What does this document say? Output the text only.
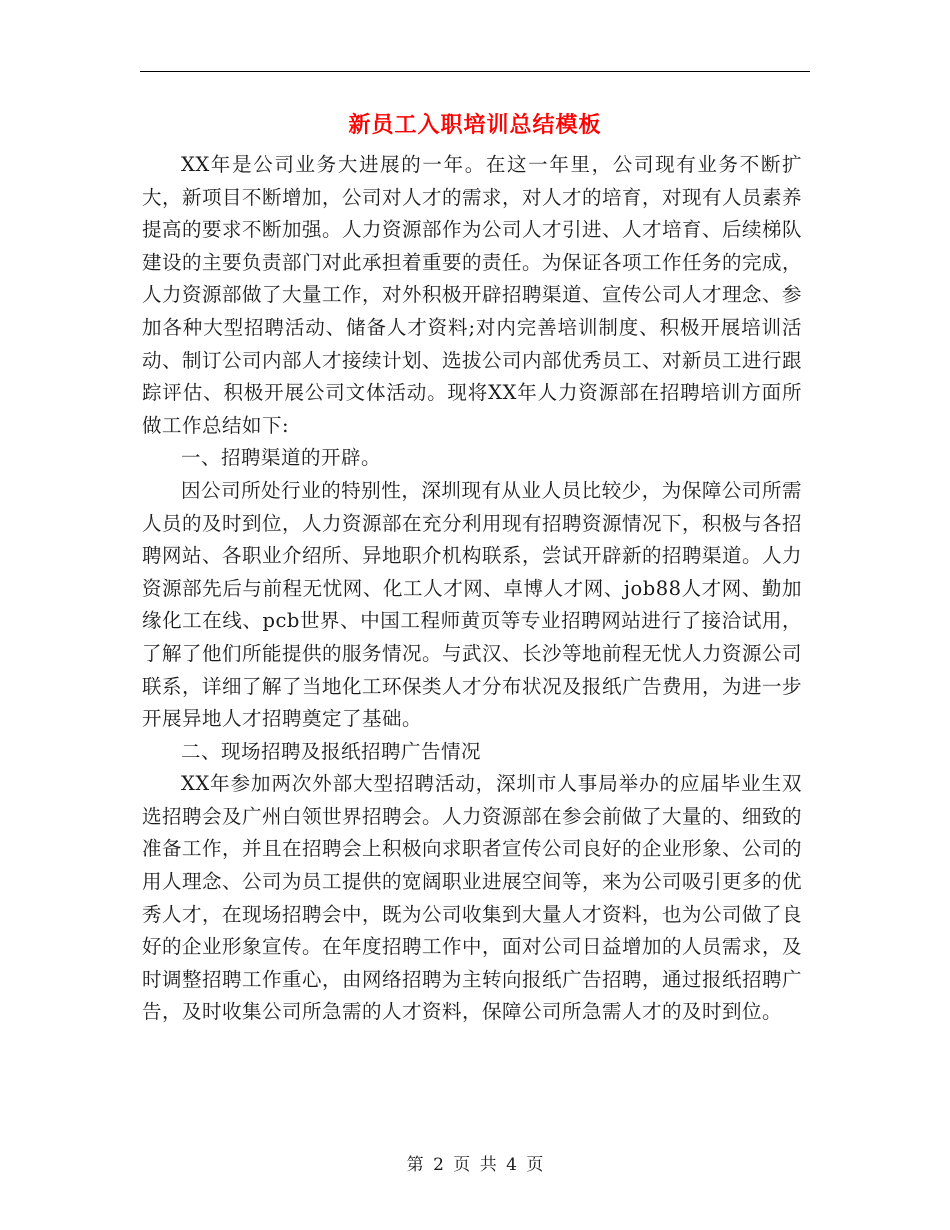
新员工入职培训总结模板

XX年是公司业务大进展的一年。在这一年里，公司现有业务不断扩大，新项目不断增加，公司对人才的需求，对人才的培育，对现有人员素养提高的要求不断加强。人力资源部作为公司人才引进、人才培育、后续梯队建设的主要负责部门对此承担着重要的责任。为保证各项工作任务的完成，人力资源部做了大量工作，对外积极开辟招聘渠道、宣传公司人才理念、参加各种大型招聘活动、储备人才资料;对内完善培训制度、积极开展培训活动、制订公司内部人才接续计划、选拔公司内部优秀员工、对新员工进行跟踪评估、积极开展公司文体活动。现将XX年人力资源部在招聘培训方面所做工作总结如下:

一、招聘渠道的开辟。

因公司所处行业的特别性，深圳现有从业人员比较少，为保障公司所需人员的及时到位，人力资源部在充分利用现有招聘资源情况下，积极与各招聘网站、各职业介绍所、异地职介机构联系，尝试开辟新的招聘渠道。人力资源部先后与前程无忧网、化工人才网、卓博人才网、job88人才网、勤加缘化工在线、pcb世界、中国工程师黄页等专业招聘网站进行了接洽试用，了解了他们所能提供的服务情况。与武汉、长沙等地前程无忧人力资源公司联系，详细了解了当地化工环保类人才分布状况及报纸广告费用，为进一步开展异地人才招聘奠定了基础。

二、现场招聘及报纸招聘广告情况

XX年参加两次外部大型招聘活动，深圳市人事局举办的应届毕业生双选招聘会及广州白领世界招聘会。人力资源部在参会前做了大量的、细致的准备工作，并且在招聘会上积极向求职者宣传公司良好的企业形象、公司的用人理念、公司为员工提供的宽阔职业进展空间等，来为公司吸引更多的优秀人才，在现场招聘会中，既为公司收集到大量人才资料，也为公司做了良好的企业形象宣传。在年度招聘工作中，面对公司日益增加的人员需求，及时调整招聘工作重心，由网络招聘为主转向报纸广告招聘，通过报纸招聘广告，及时收集公司所急需的人才资料，保障公司所急需人才的及时到位。

第 2 页 共 4 页
